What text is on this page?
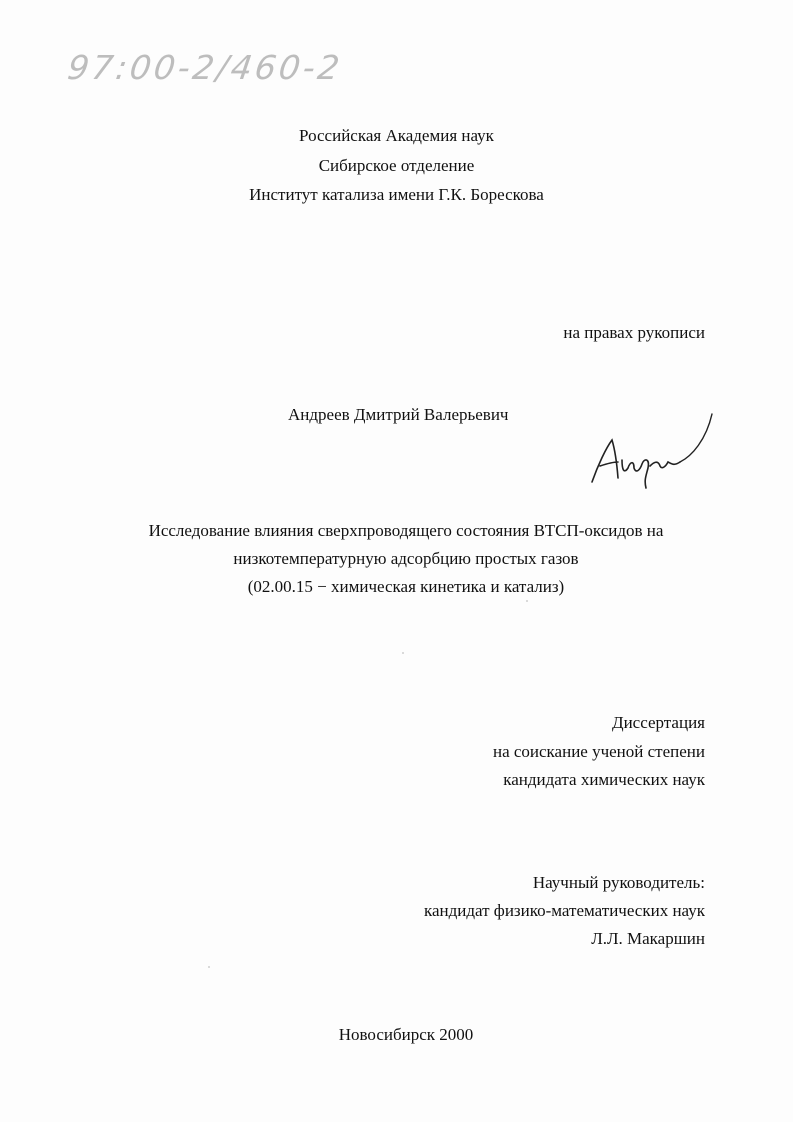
97:00-2/460-2
Российская Академия наук
Сибирское отделение
Институт катализа имени Г.К. Борескова
на правах рукописи
Андреев Дмитрий Валерьевич
Исследование влияния сверхпроводящего состояния ВТСП-оксидов на
низкотемпературную адсорбцию простых газов
(02.00.15 − химическая кинетика и катализ)
Диссертация
на соискание ученой степени
кандидата химических наук
Научный руководитель:
кандидат физико-математических наук
Л.Л. Макаршин
Новосибирск 2000
